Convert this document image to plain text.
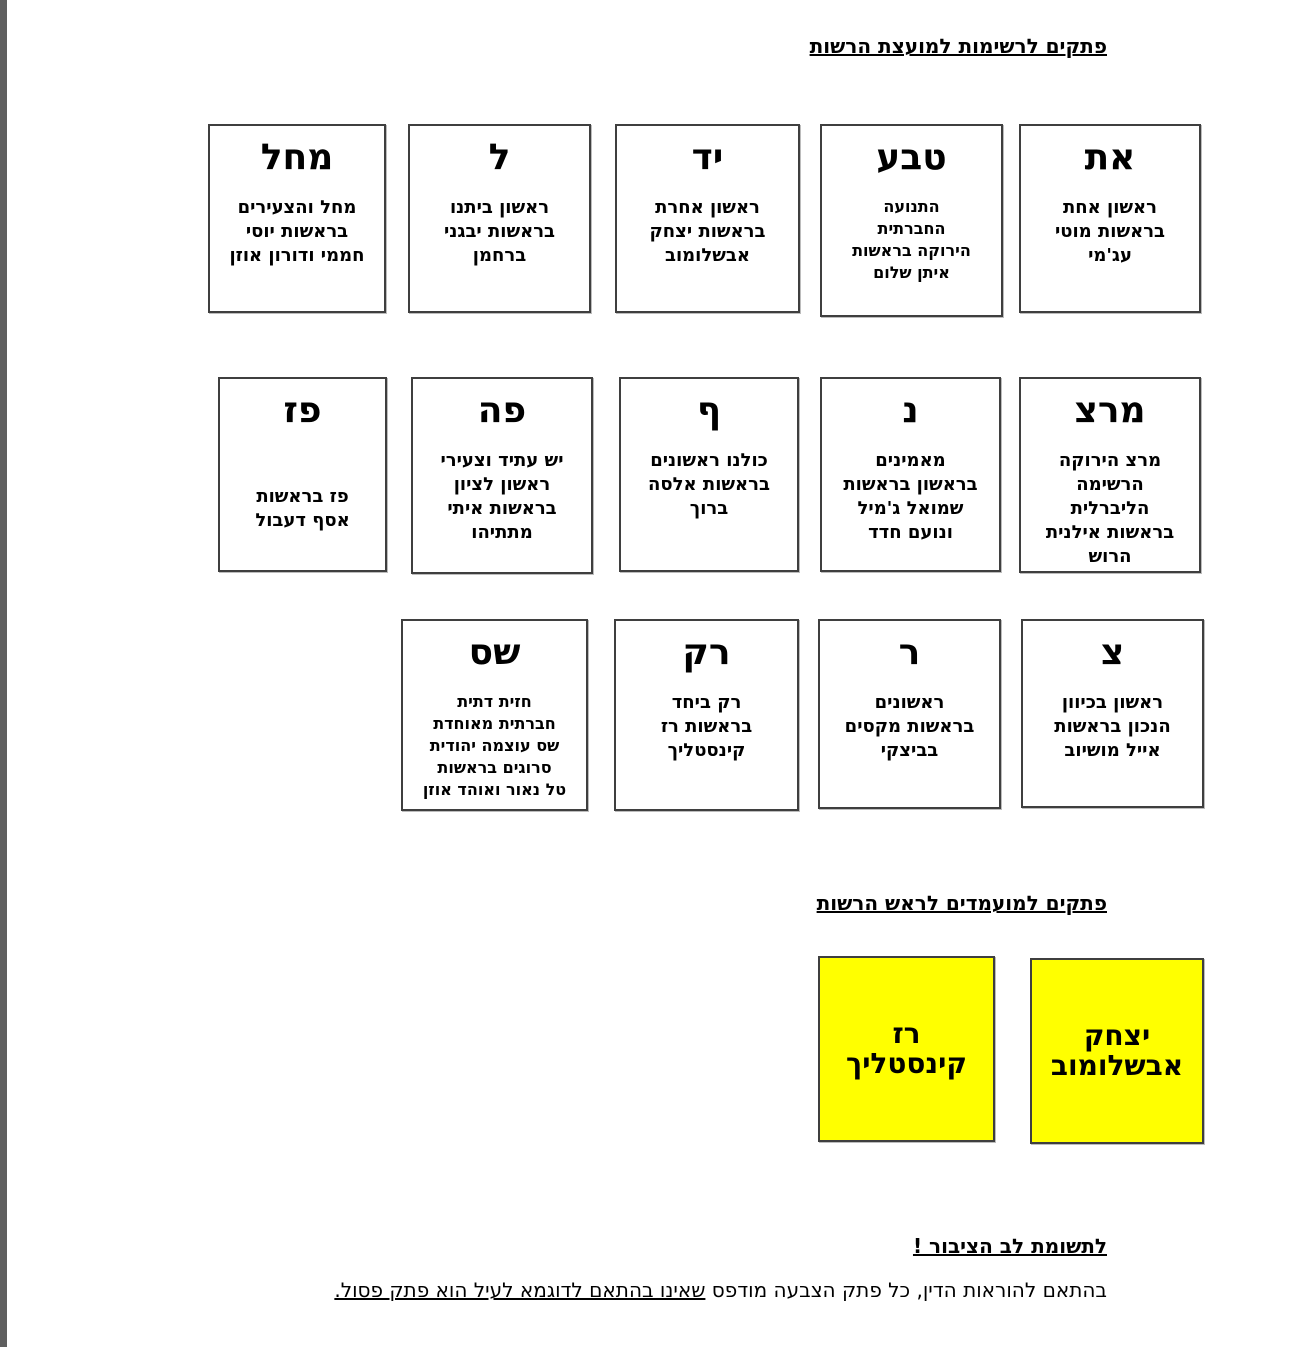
פתקים לרשימות למועצת הרשות
את
ראשון אחת
בראשות מוטי
עג'מי
טבע
התנועה
החברתית
הירוקה בראשות
איתן שלום
יד
ראשון אחרת
בראשות יצחק
אבשלומוב
ל
ראשון ביתנו
בראשות יבגני
ברחמן
מחל
מחל והצעירים
בראשות יוסי
חממי ודורון אוזן
מרצ
מרצ הירוקה
הרשימה
הליברלית
בראשות אילנית
הרוש
נ
מאמינים
בראשון בראשות
שמואל ג'מיל
ונועם חדד
ף
כולנו ראשונים
בראשות אלסה
ברוך
פה
יש עתיד וצעירי
ראשון לציון
בראשות איתי
מתתיהו
פז
פז בראשות
אסף דעבול
צ
ראשון בכיוון
הנכון בראשות
אייל מושיוב
ר
ראשונים
בראשות מקסים
בביצקי
רק
רק ביחד
בראשות רז
קינסטליך
שס
חזית דתית
חברתית מאוחדת
שס עוצמה יהודית
סרוגים בראשות
טל נאור ואוהד אוזן
פתקים למועמדים לראש הרשות
יצחק
אבשלומוב
רז
קינסטליך
לתשומת לב הציבור !
בהתאם להוראות הדין, כל פתק הצבעה מודפס שאינו בהתאם לדוגמא לעיל הוא פתק פסול.
